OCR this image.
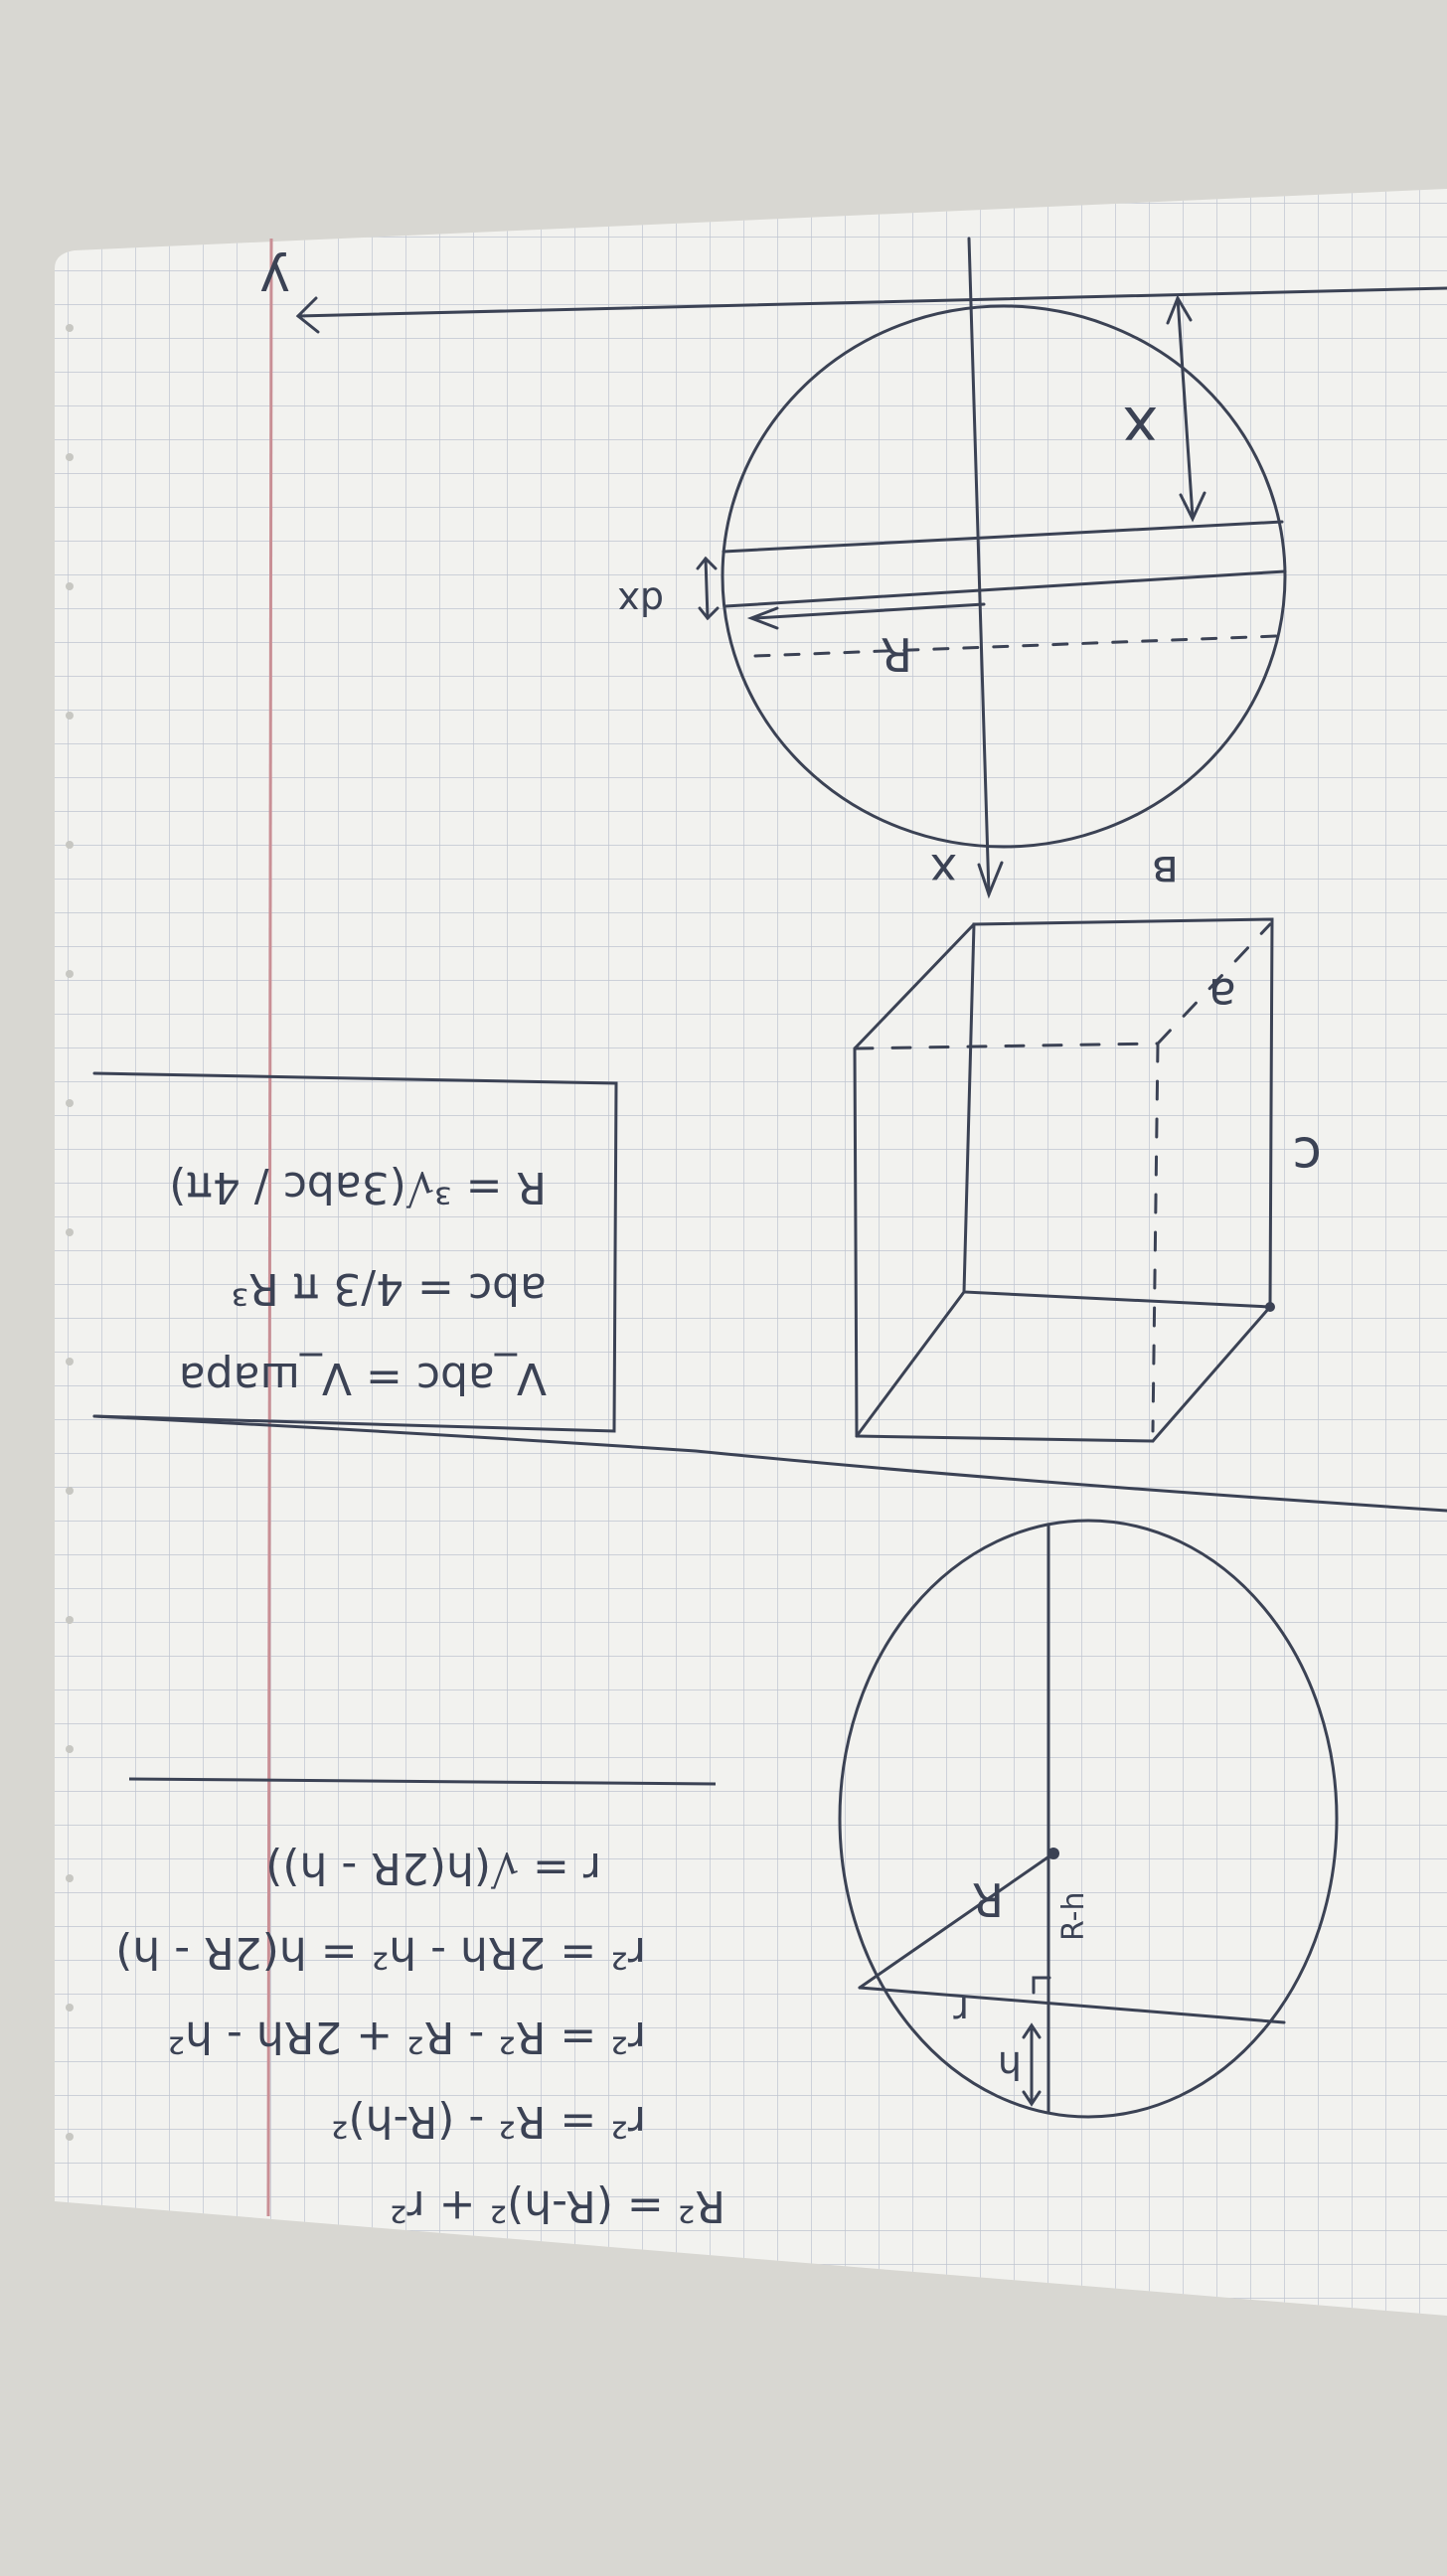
y
x
x
dx
R
в
a
c
V_abc = V_шара
abc = 4/3 π R³
R = ³√(3abc / 4π)
R R-h
r
h
R² = (R-h)² + r²
r² = R² - (R-h)²
r² = R² - R² + 2Rh - h²
r² = 2Rh - h² = h(2R - h)
r = √(h(2R - h))
